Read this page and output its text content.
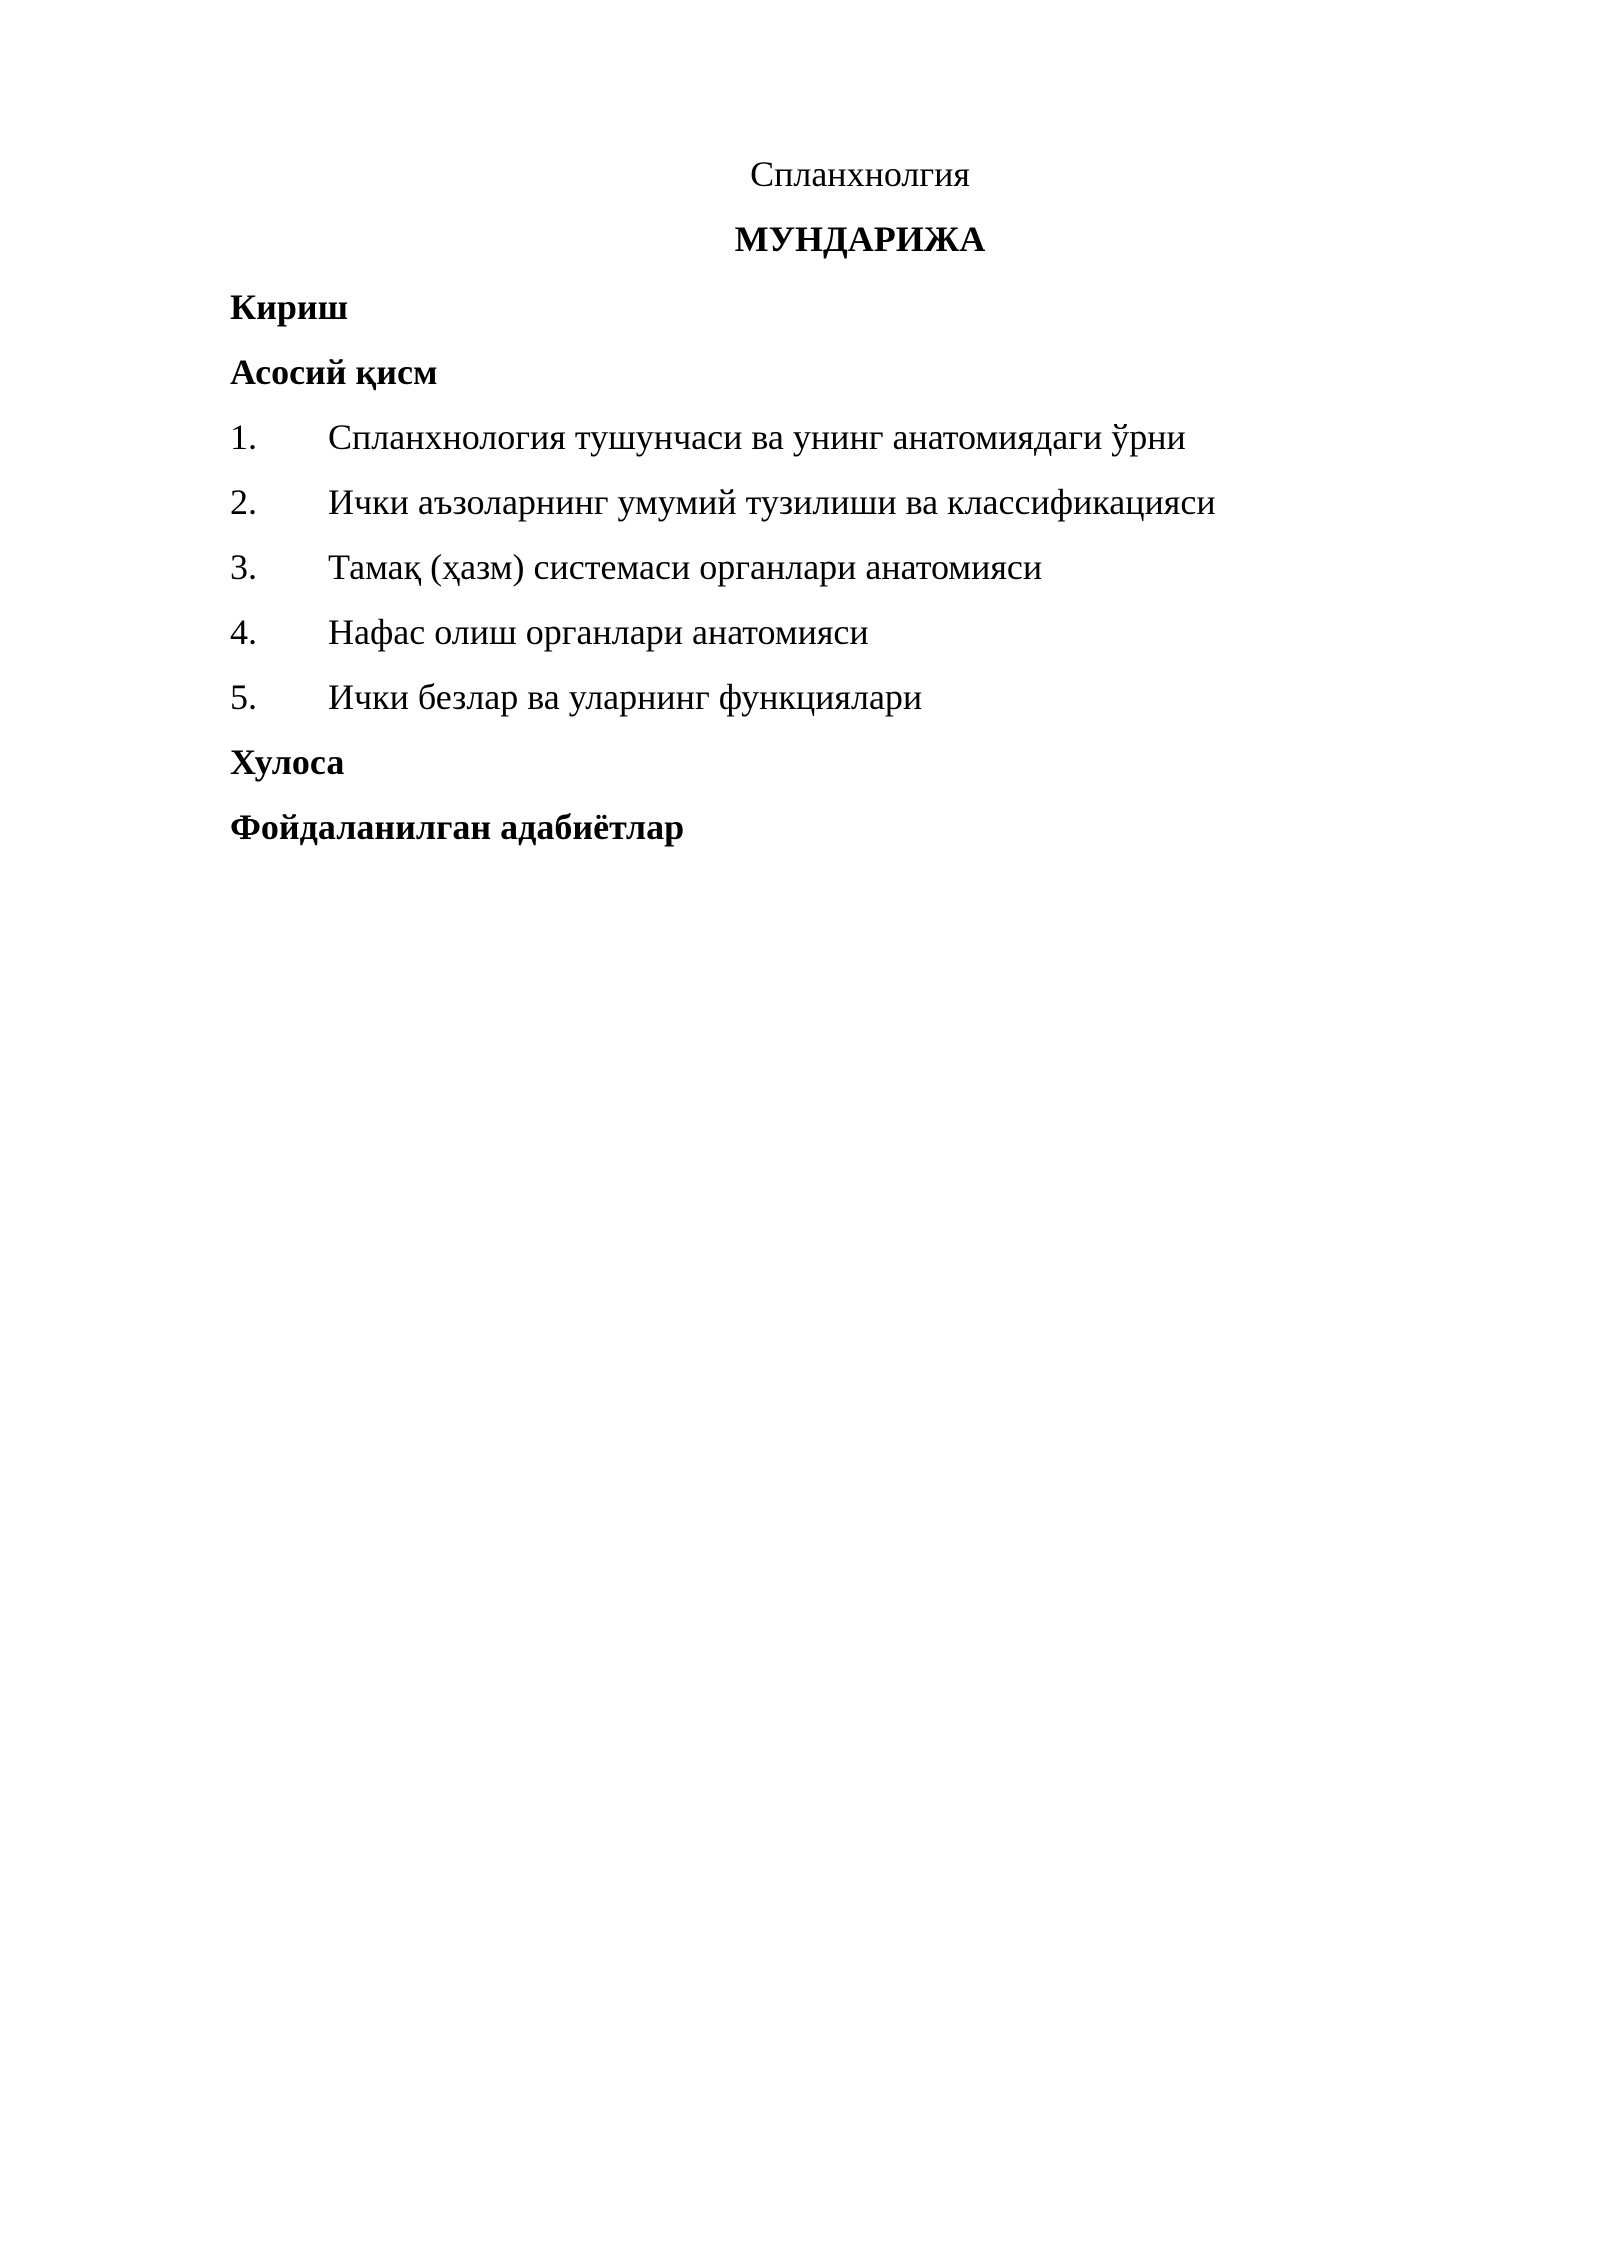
Спланхнолгия
МУНДАРИЖА
Кириш
Асосий қисм
1. Спланхнология тушунчаси ва унинг анатомиядаги ўрни
2. Ички аъзоларнинг умумий тузилиши ва классификацияси
3. Тамақ (ҳазм) системаси органлари анатомияси
4. Нафас олиш органлари анатомияси
5. Ички безлар ва уларнинг функциялари
Хулоса
Фойдаланилган адабиётлар
